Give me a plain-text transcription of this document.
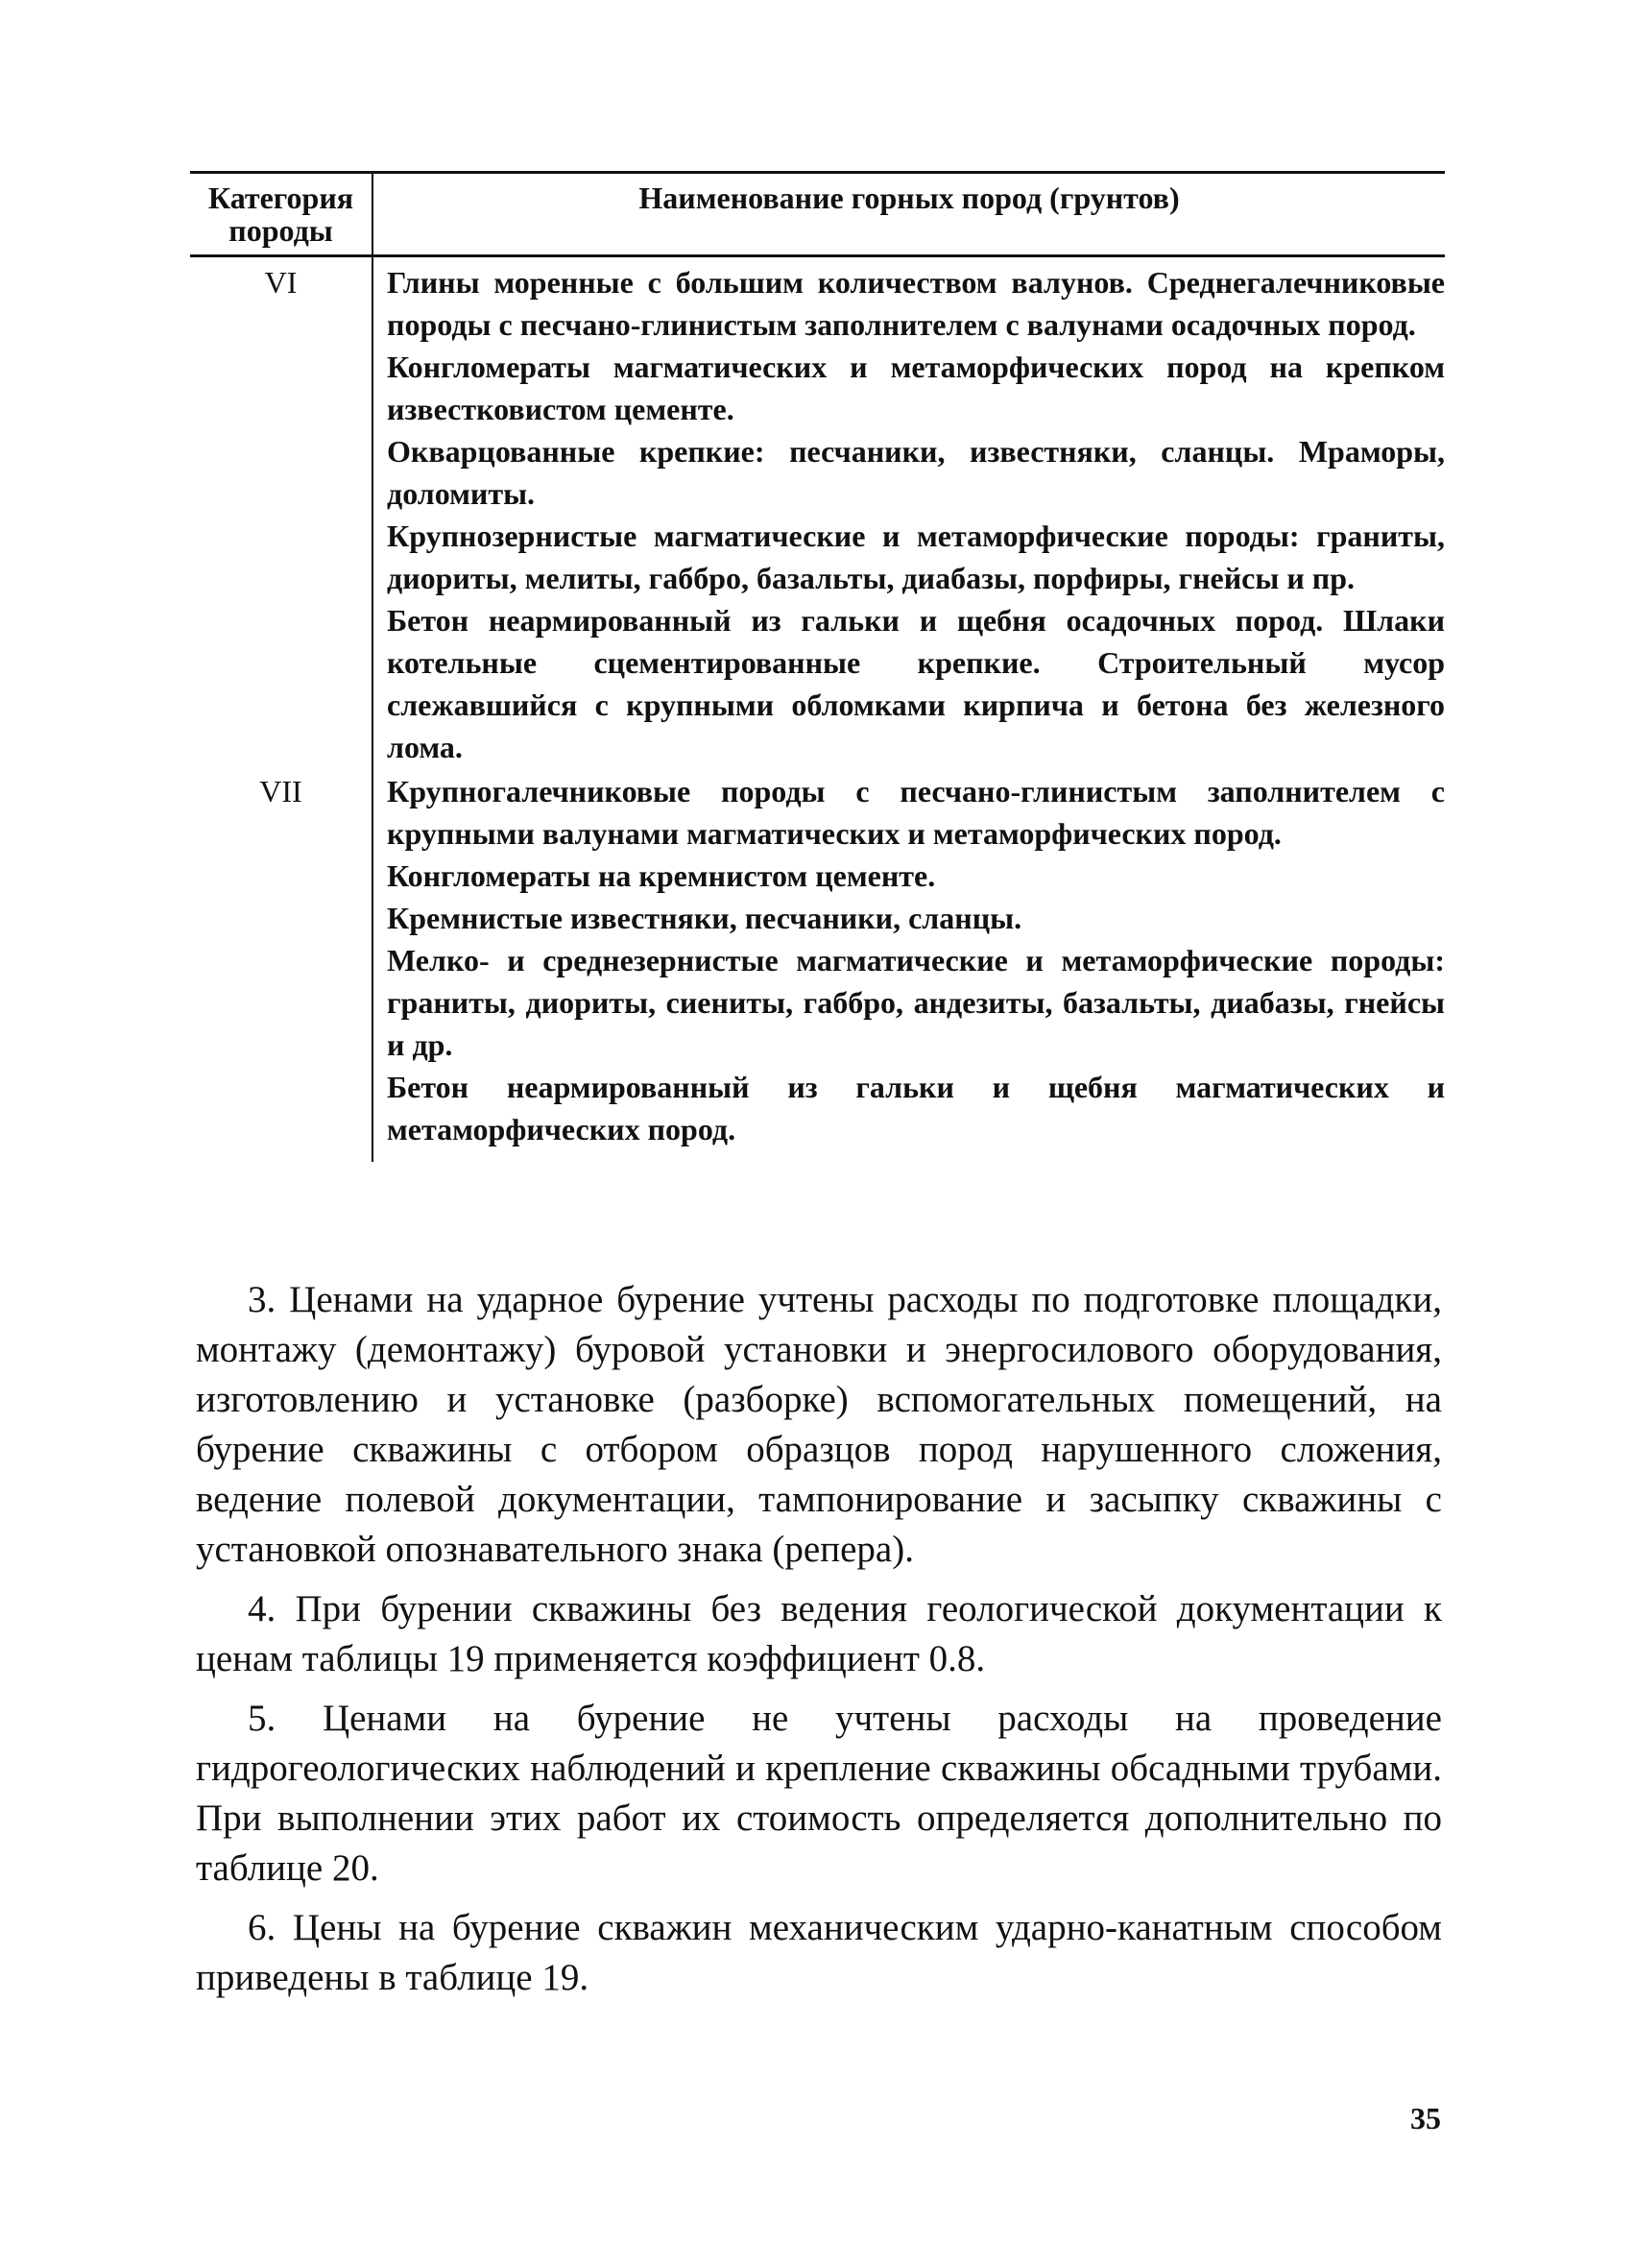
Категория породы	Наименование горных пород (грунтов)
VI	Глины моренные с большим количеством валунов. Среднегалечниковые породы с песчано-глинистым заполнителем с валунами осадочных пород.

Конгломераты магматических и метаморфических пород на крепком известковистом цементе.

Окварцованные крепкие: песчаники, известняки, сланцы. Мраморы, доломиты.

Крупнозернистые магматические и метаморфические породы: граниты, диориты, мелиты, габбро, базальты, диабазы, порфиры, гнейсы и пр.

Бетон неармированный из гальки и щебня осадочных пород. Шлаки котельные сцементированные крепкие. Строительный мусор слежавшийся с крупными обломками кирпича и бетона без железного лома.

VII	Крупногалечниковые породы с песчано-глинистым заполнителем с крупными валунами магматических и метаморфических пород.

Конгломераты на кремнистом цементе.

Кремнистые известняки, песчаники, сланцы.

Мелко- и среднезернистые магматические и метаморфические породы: граниты, диориты, сиениты, габбро, андезиты, базальты, диабазы, гнейсы и др.

Бетон неармированный из гальки и щебня магматических и метаморфических пород.

3. Ценами на ударное бурение учтены расходы по подготовке площадки, монтажу (демонтажу) буровой установки и энергосилового оборудования, изготовлению и установке (разборке) вспомогательных помещений, на бурение скважины с отбором образцов пород нарушенного сложения, ведение полевой документации, тампонирование и засыпку скважины с установкой опознавательного знака (репера).

4. При бурении скважины без ведения геологической документации к ценам таблицы 19 применяется коэффициент 0.8.

5. Ценами на бурение не учтены расходы на проведение гидрогеологических наблюдений и крепление скважины обсадными трубами. При выполнении этих работ их стоимость определяется дополнительно по таблице 20.

6. Цены на бурение скважин механическим ударно-канатным способом приведены в таблице 19.

35
